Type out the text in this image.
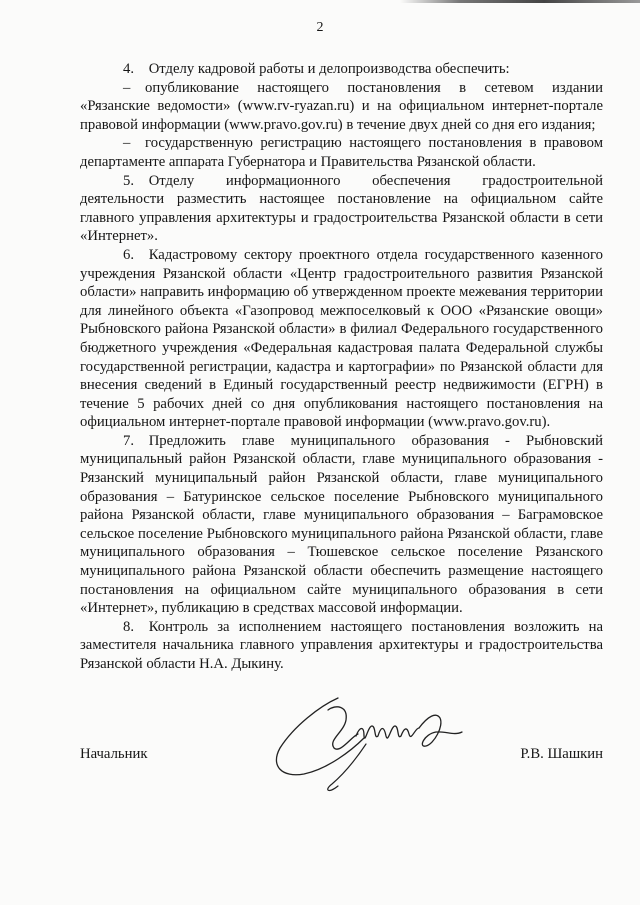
2

4. Отделу кадровой работы и делопроизводства обеспечить:

– опубликование настоящего постановления в сетевом издании «Рязанские ведомости» (www.rv-ryazan.ru) и на официальном интернет-портале правовой информации (www.pravo.gov.ru) в течение двух дней со дня его издания;

– государственную регистрацию настоящего постановления в правовом департаменте аппарата Губернатора и Правительства Рязанской области.

5. Отделу информационного обеспечения градостроительной деятельности разместить настоящее постановление на официальном сайте главного управления архитектуры и градостроительства Рязанской области в сети «Интернет».

6. Кадастровому сектору проектного отдела государственного казенного учреждения Рязанской области «Центр градостроительного развития Рязанской области» направить информацию об утвержденном проекте межевания территории для линейного объекта «Газопровод межпоселковый к ООО «Рязанские овощи» Рыбновского района Рязанской области» в филиал Федерального государственного бюджетного учреждения «Федеральная кадастровая палата Федеральной службы государственной регистрации, кадастра и картографии» по Рязанской области для внесения сведений в Единый государственный реестр недвижимости (ЕГРН) в течение 5 рабочих дней со дня опубликования настоящего постановления на официальном интернет-портале правовой информации (www.pravo.gov.ru).

7. Предложить главе муниципального образования - Рыбновский муниципальный район Рязанской области, главе муниципального образования - Рязанский муниципальный район Рязанской области, главе муниципального образования – Батуринское сельское поселение Рыбновского муниципального района Рязанской области, главе муниципального образования – Баграмовское сельское поселение Рыбновского муниципального района Рязанской области, главе муниципального образования – Тюшевское сельское поселение Рязанского муниципального района Рязанской области обеспечить размещение настоящего постановления на официальном сайте муниципального образования в сети «Интернет», публикацию в средствах массовой информации.

8. Контроль за исполнением настоящего постановления возложить на заместителя начальника главного управления архитектуры и градостроительства Рязанской области Н.А. Дыкину.

Начальник	Р.В. Шашкин
